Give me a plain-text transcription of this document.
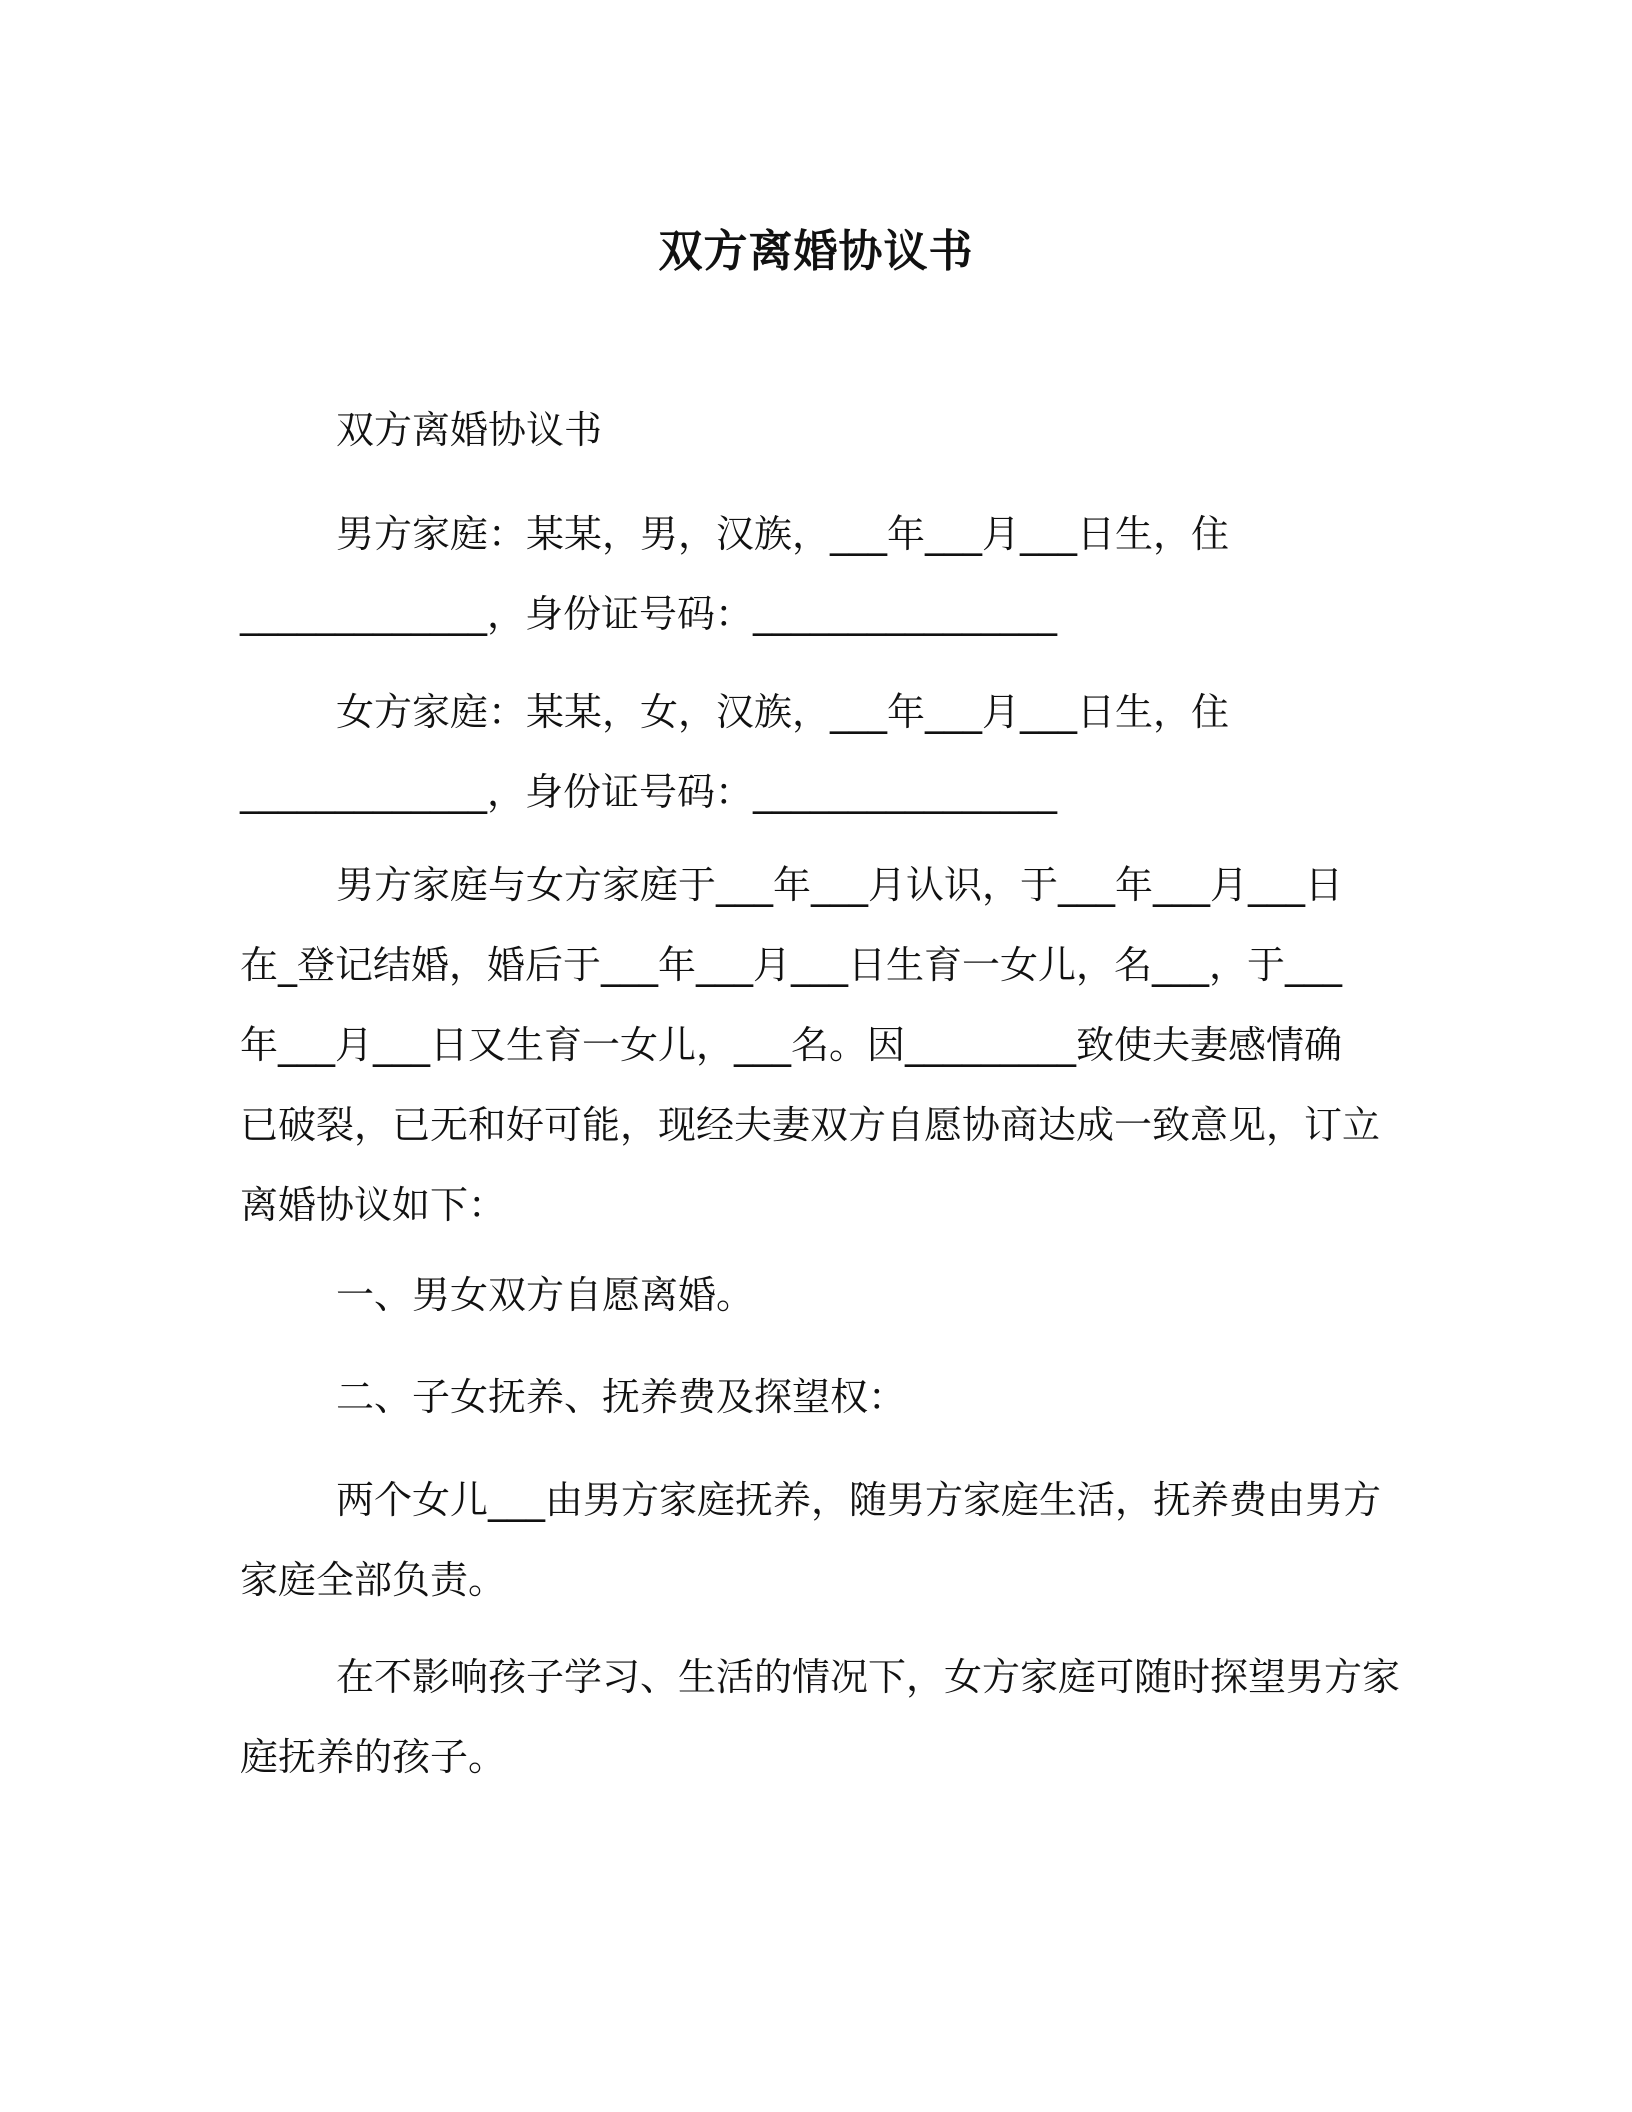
双方离婚协议书
双方离婚协议书
男方家庭：某某，男，汉族，___年___月___日生，住
_____________，身份证号码：________________
女方家庭：某某，女，汉族，___年___月___日生，住
_____________，身份证号码：________________
男方家庭与女方家庭于___年___月认识，于___年___月___日
在_登记结婚，婚后于___年___月___日生育一女儿，名___，于___
年___月___日又生育一女儿，___名。因_________致使夫妻感情确
已破裂，已无和好可能，现经夫妻双方自愿协商达成一致意见，订立
离婚协议如下：
一、男女双方自愿离婚。
二、子女抚养、抚养费及探望权：
两个女儿___由男方家庭抚养，随男方家庭生活，抚养费由男方
家庭全部负责。
在不影响孩子学习、生活的情况下，女方家庭可随时探望男方家
庭抚养的孩子。
